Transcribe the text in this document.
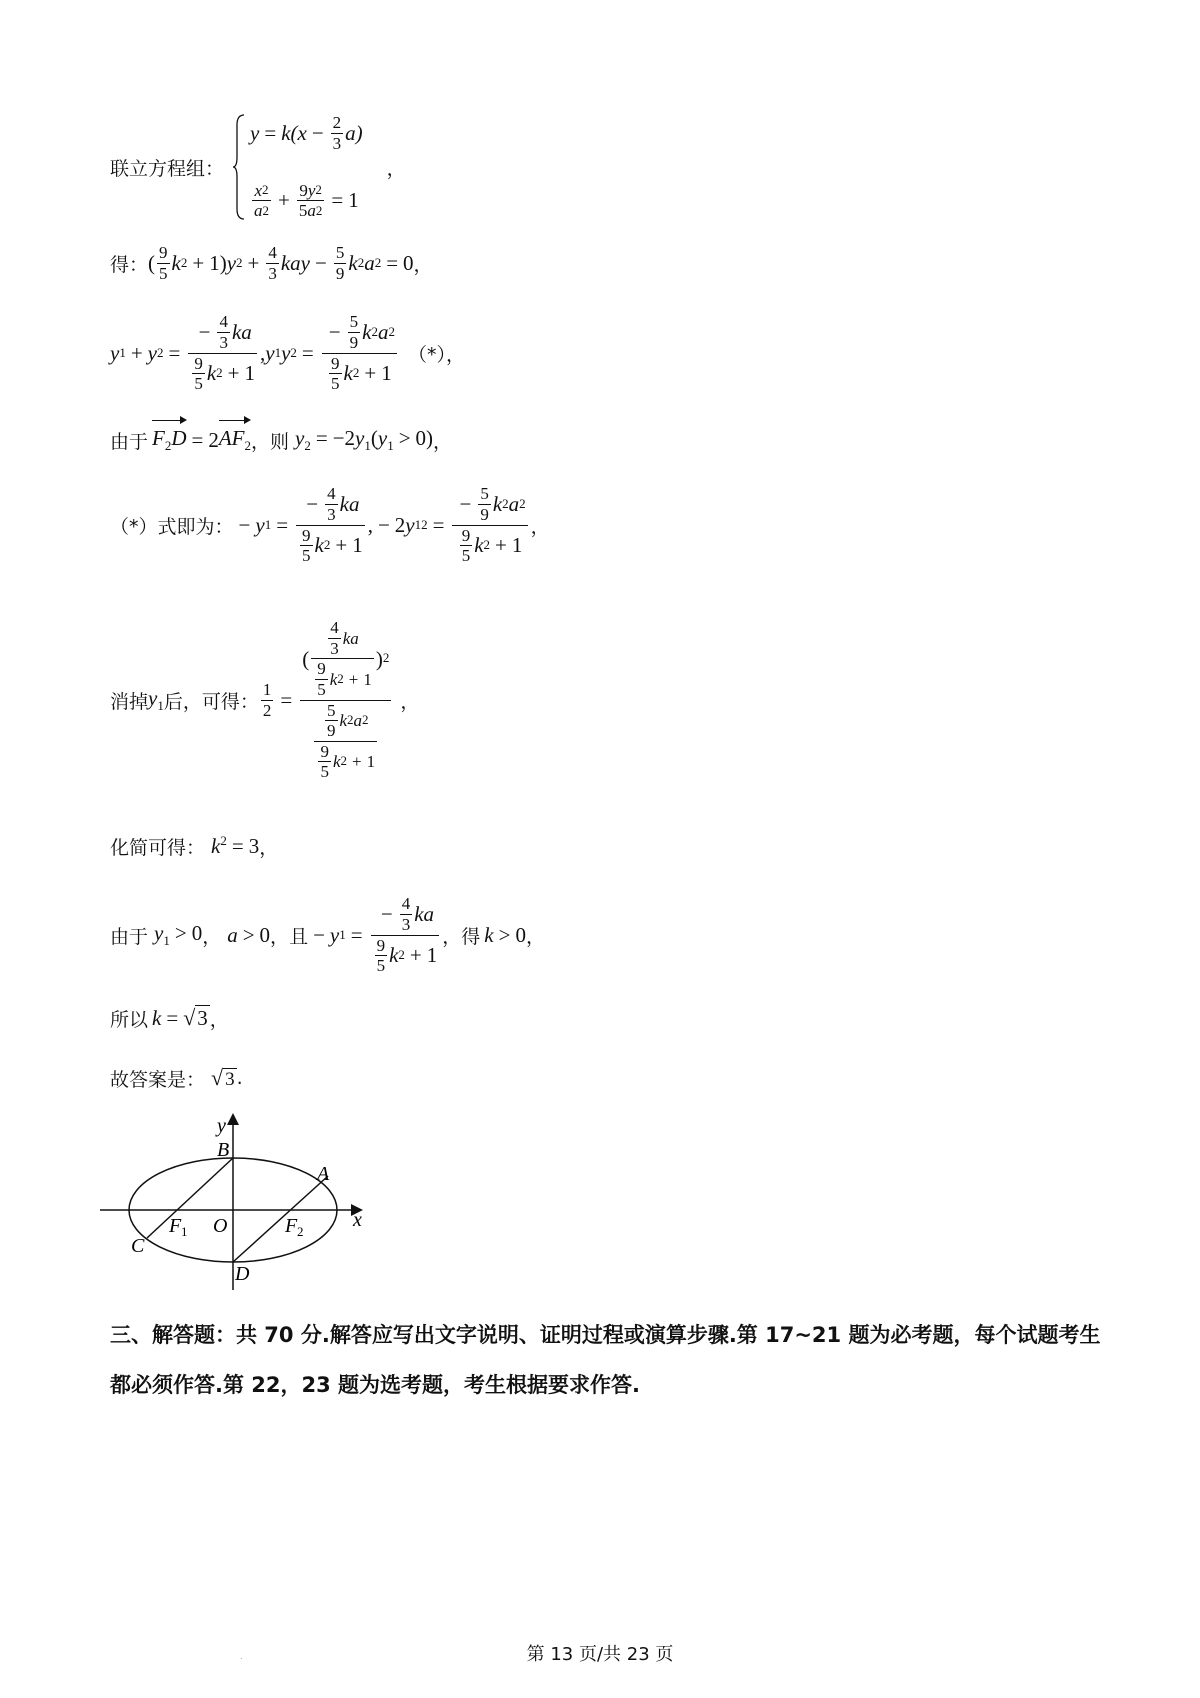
联立方程组：
$y = k(x - \frac{2}{3} a)$
$\frac{x 2}{a 2} + \frac{9 y 2}{5 a 2} = 1$
，
得： ( $\frac{9}{5}$ k 2 + 1) y $2 + \frac{4}{3}$ kay − $\frac{5}{9}$ k 2 a 2 = 0 ，
y 1 + y $2 = \frac{- \frac{4}{3} ka}{\frac{9}{5} k 2 + 1}$ , y 1 y $2 = \frac{- \frac{5}{9} k 2 a 2}{\frac{9}{5} k 2 + 1}$ （*），
由于 $F_2D = 2$ $AF_2$ ，则 $y_2 = -2y_1(y_1 > 0)$ ，
（*）式即为： − y $1 = \frac{- \frac{4}{3} ka}{\frac{9}{5} k 2 + 1}$ , − 2 y 1 $2 = \frac{- \frac{5}{9} k 2 a 2}{\frac{9}{5} k 2 + 1}$ ，
消掉 $y_1$ 后，可得： $\frac{1}{2}$ =
( $\frac{\frac{4}{3} ka}{\frac{9}{5} k 2 + 1}$ ) 2
$\frac{\frac{5}{9} k 2 a 2}{\frac{9}{5} k 2 + 1}$ ，
化简可得： $k^2 = 3$ ，
由于 $y_1 > 0$ ， a > 0 ， 且 − y $1 = \frac{- \frac{4}{3} ka}{\frac{9}{5} k 2 + 1}$ ，得 k > 0 ，
所以 k = √ 3 ，
故答案是： √ 3 .
y
x
B
A
C
D
O
F 1	F 2
三、解答题：共 70 分.解答应写出文字说明、证明过程或演算步骤.第 17~21 题为必考题，每个试题考生都必须作答.第 22，23 题为选考题，考生根据要求作答.
.	第 13 页/共 23 页
